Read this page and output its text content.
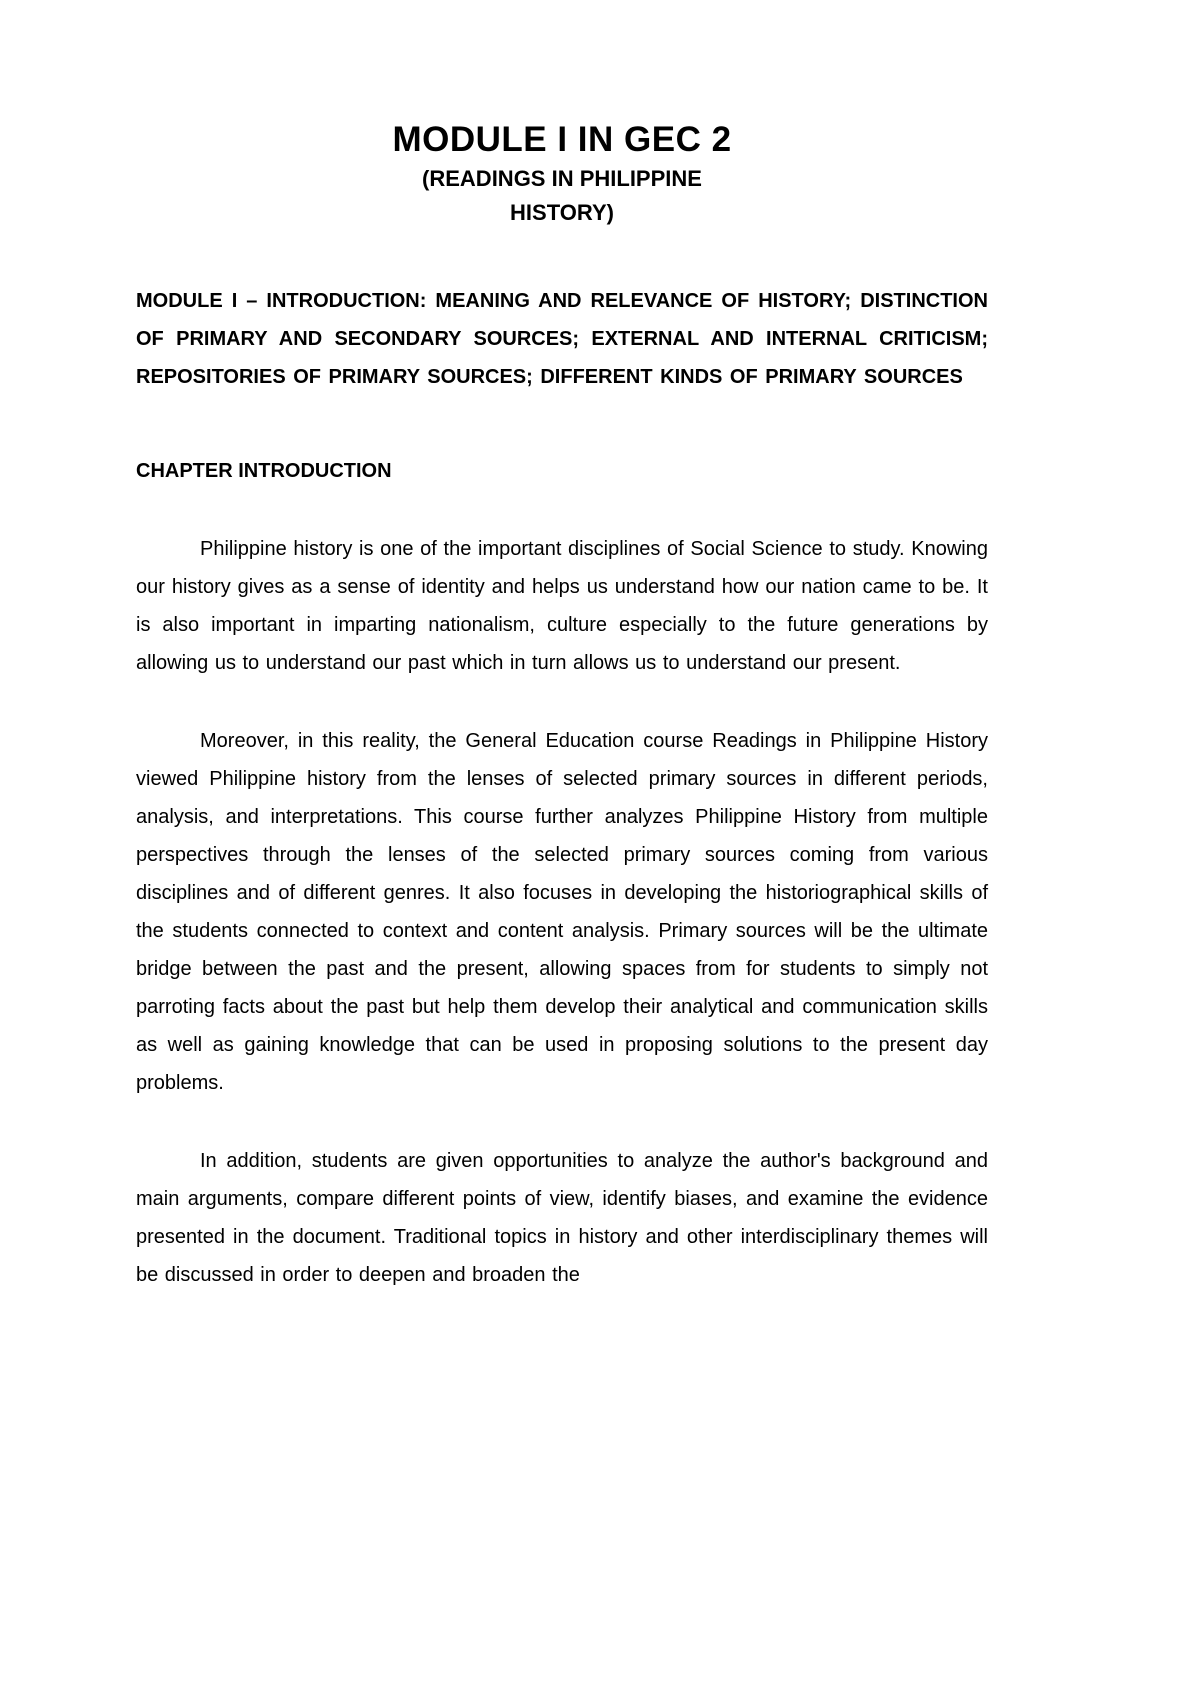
MODULE I IN GEC 2
(READINGS IN PHILIPPINE
HISTORY)

MODULE I – INTRODUCTION: MEANING AND RELEVANCE OF HISTORY; DISTINCTION OF PRIMARY AND SECONDARY SOURCES; EXTERNAL AND INTERNAL CRITICISM; REPOSITORIES OF PRIMARY SOURCES; DIFFERENT KINDS OF PRIMARY SOURCES

CHAPTER INTRODUCTION

Philippine history is one of the important disciplines of Social Science to study. Knowing our history gives as a sense of identity and helps us understand how our nation came to be. It is also important in imparting nationalism, culture especially to the future generations by allowing us to understand our past which in turn allows us to understand our present.

Moreover, in this reality, the General Education course Readings in Philippine History viewed Philippine history from the lenses of selected primary sources in different periods, analysis, and interpretations. This course further analyzes Philippine History from multiple perspectives through the lenses of the selected primary sources coming from various disciplines and of different genres. It also focuses in developing the historiographical skills of the students connected to context and content analysis. Primary sources will be the ultimate bridge between the past and the present, allowing spaces from for students to simply not parroting facts about the past but help them develop their analytical and communication skills as well as gaining knowledge that can be used in proposing solutions to the present day problems.

In addition, students are given opportunities to analyze the author's background and main arguments, compare different points of view, identify biases, and examine the evidence presented in the document. Traditional topics in history and other interdisciplinary themes will be discussed in order to deepen and broaden the
